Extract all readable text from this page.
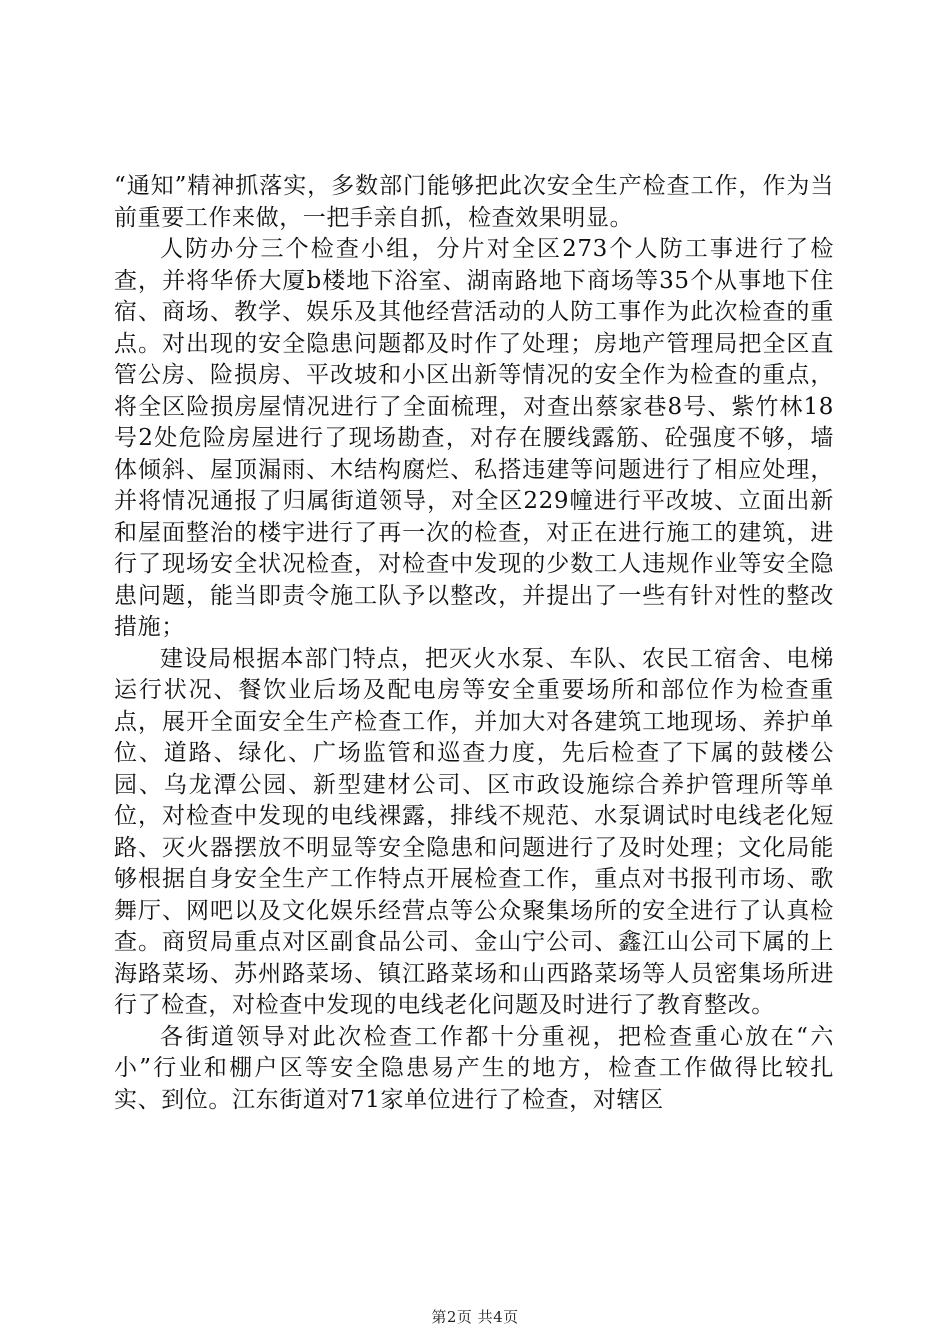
“通知”精神抓落实，多数部门能够把此次安全生产检查工作，作为当前重要工作来做，一把手亲自抓，检查效果明显。

人防办分三个检查小组，分片对全区273个人防工事进行了检查，并将华侨大厦b楼地下浴室、湖南路地下商场等35个从事地下住宿、商场、教学、娱乐及其他经营活动的人防工事作为此次检查的重点。对出现的安全隐患问题都及时作了处理；房地产管理局把全区直管公房、险损房、平改坡和小区出新等情况的安全作为检查的重点，将全区险损房屋情况进行了全面梳理，对查出蔡家巷8号、紫竹林18号2处危险房屋进行了现场勘查，对存在腰线露筋、砼强度不够，墙体倾斜、屋顶漏雨、木结构腐烂、私搭违建等问题进行了相应处理，并将情况通报了归属街道领导，对全区229幢进行平改坡、立面出新和屋面整治的楼宇进行了再一次的检查，对正在进行施工的建筑，进行了现场安全状况检查，对检查中发现的少数工人违规作业等安全隐患问题，能当即责令施工队予以整改，并提出了一些有针对性的整改措施；

建设局根据本部门特点，把灭火水泵、车队、农民工宿舍、电梯运行状况、餐饮业后场及配电房等安全重要场所和部位作为检查重点，展开全面安全生产检查工作，并加大对各建筑工地现场、养护单位、道路、绿化、广场监管和巡查力度，先后检查了下属的鼓楼公园、乌龙潭公园、新型建材公司、区市政设施综合养护管理所等单位，对检查中发现的电线裸露，排线不规范、水泵调试时电线老化短路、灭火器摆放不明显等安全隐患和问题进行了及时处理；文化局能够根据自身安全生产工作特点开展检查工作，重点对书报刊市场、歌舞厅、网吧以及文化娱乐经营点等公众聚集场所的安全进行了认真检查。商贸局重点对区副食品公司、金山宁公司、鑫江山公司下属的上海路菜场、苏州路菜场、镇江路菜场和山西路菜场等人员密集场所进行了检查，对检查中发现的电线老化问题及时进行了教育整改。

各街道领导对此次检查工作都十分重视，把检查重心放在“六小”行业和棚户区等安全隐患易产生的地方，检查工作做得比较扎实、到位。江东街道对71家单位进行了检查，对辖区

第2页 共4页
